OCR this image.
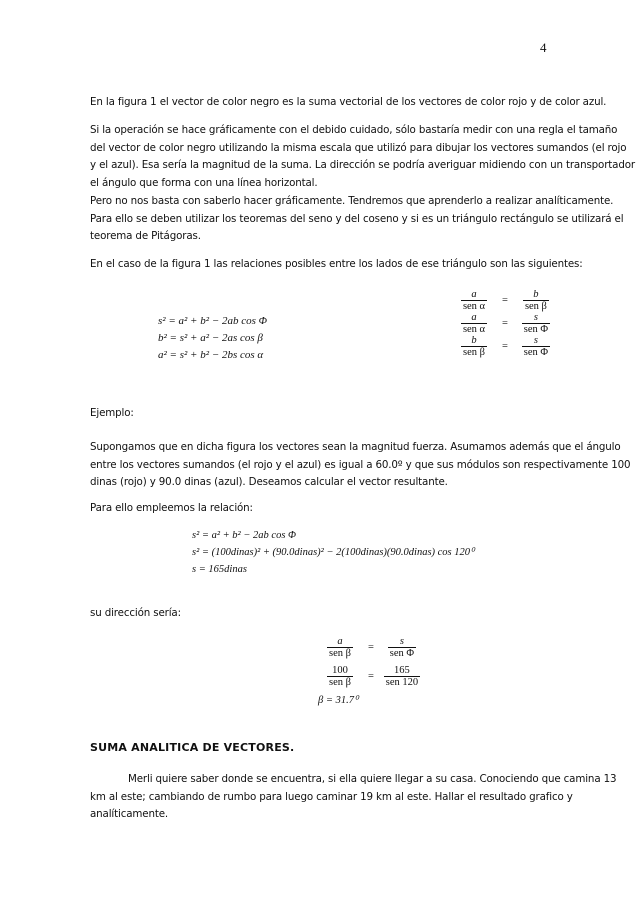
4

En la figura 1 el vector de color negro es la suma vectorial de los vectores de color rojo y de color azul.

Si la operación se hace gráficamente con el debido cuidado, sólo bastaría medir con una regla el tamaño del vector de color negro utilizando la misma escala que utilizó para dibujar los vectores sumandos (el rojo y el azul). Esa sería la magnitud de la suma. La dirección se podría averiguar midiendo con un transportador el ángulo que forma con una línea horizontal.

Pero no nos basta con saberlo hacer gráficamente. Tendremos que aprenderlo a realizar analíticamente. Para ello se deben utilizar los teoremas del seno y del coseno y si es un triángulo rectángulo se utilizará el teorema de Pitágoras.

En el caso de la figura 1 las relaciones posibles entre los lados de ese triángulo son las siguientes:

s² = a² + b² − 2ab cos Φ
b² = s² + a² − 2as cos β
a² = s² + b² − 2bs cos α
$\frac{a}{\text{sen α}} = \frac{b}{\text{sen β}}$
$\frac{a}{\text{sen α}} = \frac{s}{\text{sen Φ}}$
$\frac{b}{\text{sen β}} = \frac{s}{\text{sen Φ}}$

Ejemplo:

Supongamos que en dicha figura los vectores sean la magnitud fuerza. Asumamos además que el ángulo entre los vectores sumandos (el rojo y el azul) es igual a 60.0º y que sus módulos son respectivamente 100 dinas (rojo) y 90.0 dinas (azul). Deseamos calcular el vector resultante.

Para ello empleemos la relación:

s² = a² + b² − 2ab cos Φ
s² = (100dinas)² + (90.0dinas)² − 2(100dinas)(90.0dinas) cos 120⁰
s = 165dinas

su dirección sería:

$\frac{a}{\text{sen β}} = \frac{s}{\text{sen Φ}}$
$\frac{100}{\text{sen β}} = \frac{165}{\text{sen 120}}$
β = 31.7⁰
SUMA ANALITICA DE VECTORES.

Merli quiere saber donde se encuentra, si ella quiere llegar a su casa. Conociendo que camina 13 km al este; cambiando de rumbo para luego caminar 19 km al este. Hallar el resultado grafico y analíticamente.
